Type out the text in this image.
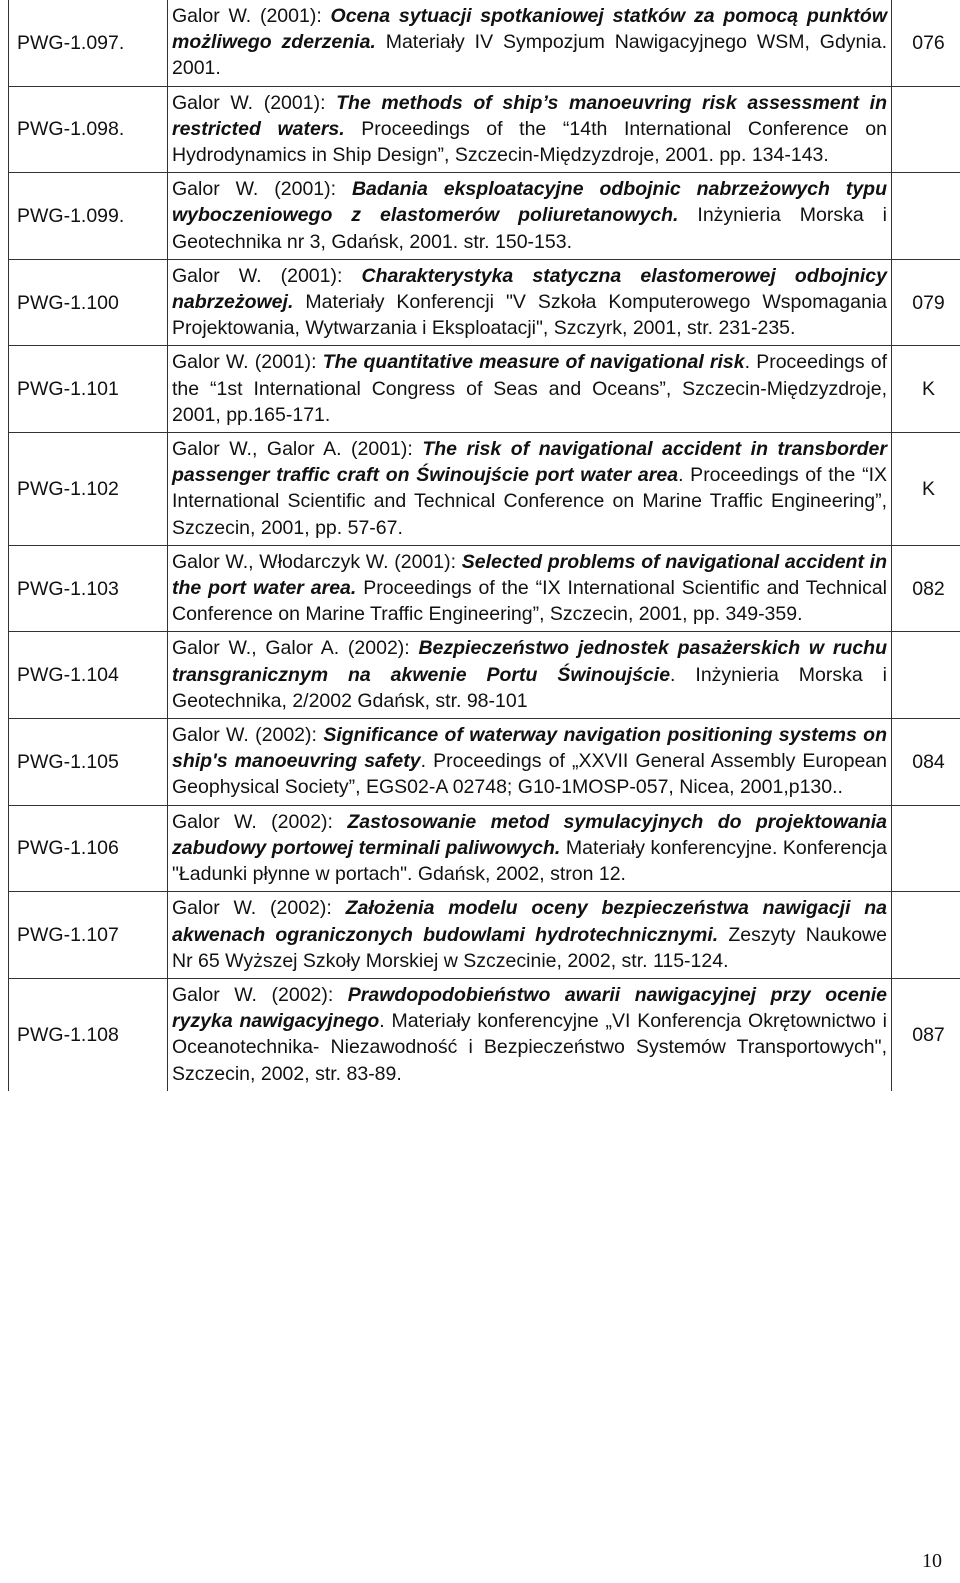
PWG-1.097.	Galor W. (2001): Ocena sytuacji spotkaniowej statków za pomocą punktów możliwego zderzenia. Materiały IV Sympozjum Nawigacyjnego WSM, Gdynia. 2001.	076
PWG-1.098.	Galor W. (2001): The methods of ship’s manoeuvring risk assessment in restricted waters. Proceedings of the “14th International Conference on Hydrodynamics in Ship Design”, Szczecin-Międzyzdroje, 2001. pp. 134-143.	
PWG-1.099.	Galor W. (2001): Badania eksploatacyjne odbojnic nabrzeżowych typu wyboczeniowego z elastomerów poliuretanowych. Inżynieria Morska i Geotechnika nr 3, Gdańsk, 2001. str. 150-153.	
PWG-1.100	Galor W. (2001): Charakterystyka statyczna elastomerowej odbojnicy nabrzeżowej. Materiały Konferencji "V Szkoła Komputerowego Wspomagania Projektowania, Wytwarzania i Eksploatacji", Szczyrk, 2001, str. 231-235.	079
PWG-1.101	Galor W. (2001): The quantitative measure of navigational risk. Proceedings of the “1st International Congress of Seas and Oceans”, Szczecin-Międzyzdroje, 2001, pp.165-171.	K
PWG-1.102	Galor W., Galor A. (2001): The risk of navigational accident in transborder passenger traffic craft on Świnoujście port water area. Proceedings of the “IX International Scientific and Technical Conference on Marine Traffic Engineering”, Szczecin, 2001, pp. 57-67.	K
PWG-1.103	Galor W., Włodarczyk W. (2001): Selected problems of navigational accident in the port water area. Proceedings of the “IX International Scientific and Technical Conference on Marine Traffic Engineering”, Szczecin, 2001, pp. 349-359.	082
PWG-1.104	Galor W., Galor A. (2002): Bezpieczeństwo jednostek pasażerskich w ruchu transgranicznym na akwenie Portu Świnoujście. Inżynieria Morska i Geotechnika, 2/2002 Gdańsk, str. 98-101	
PWG-1.105	Galor W. (2002): Significance of waterway navigation positioning systems on ship's manoeuvring safety. Proceedings of „XXVII General Assembly European Geophysical Society”, EGS02-A 02748; G10-1MOSP-057, Nicea, 2001,p130..	084
PWG-1.106	Galor W. (2002): Zastosowanie metod symulacyjnych do projektowania zabudowy portowej terminali paliwowych. Materiały konferencyjne. Konferencja "Ładunki płynne w portach". Gdańsk, 2002, stron 12.	
PWG-1.107	Galor W. (2002): Założenia modelu oceny bezpieczeństwa nawigacji na akwenach ograniczonych budowlami hydrotechnicznymi. Zeszyty Naukowe Nr 65 Wyższej Szkoły Morskiej w Szczecinie, 2002, str. 115-124.	
PWG-1.108	Galor W. (2002): Prawdopodobieństwo awarii nawigacyjnej przy ocenie ryzyka nawigacyjnego. Materiały konferencyjne „VI Konferencja Okrętownictwo i Oceanotechnika- Niezawodność i Bezpieczeństwo Systemów Transportowych", Szczecin, 2002, str. 83-89.	087
10
